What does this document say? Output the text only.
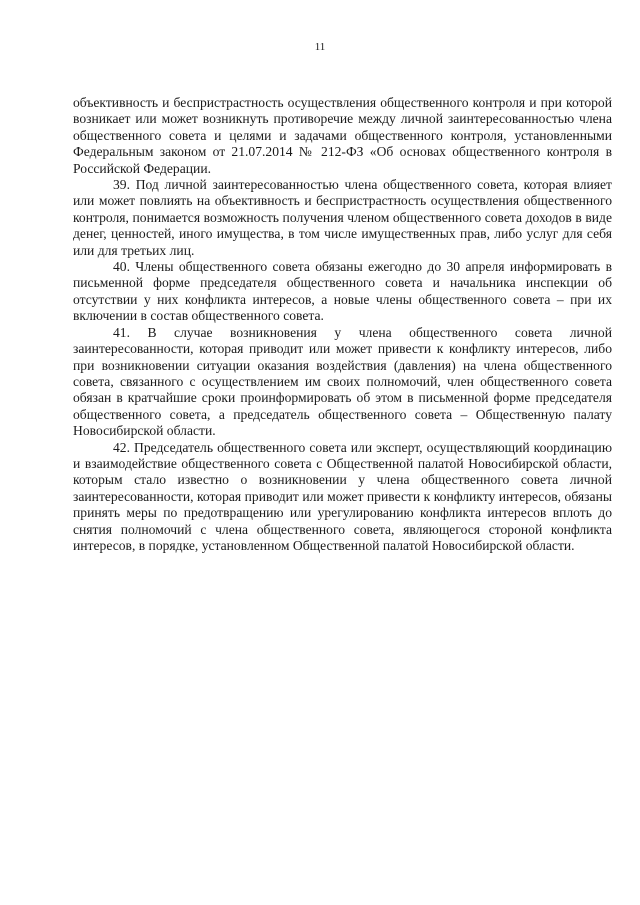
11

объективность и беспристрастность осуществления общественного контроля и при которой возникает или может возникнуть противоречие между личной заинтересованностью члена общественного совета и целями и задачами общественного контроля, установленными Федеральным законом от 21.07.2014 № 212-ФЗ «Об основах общественного контроля в Российской Федерации.

39. Под личной заинтересованностью члена общественного совета, которая влияет или может повлиять на объективность и беспристрастность осуществления общественного контроля, понимается возможность получения членом общественного совета доходов в виде денег, ценностей, иного имущества, в том числе имущественных прав, либо услуг для себя или для третьих лиц.

40. Члены общественного совета обязаны ежегодно до 30 апреля информировать в письменной форме председателя общественного совета и начальника инспекции об отсутствии у них конфликта интересов, а новые члены общественного совета – при их включении в состав общественного совета.

41. В случае возникновения у члена общественного совета личной заинтересованности, которая приводит или может привести к конфликту интересов, либо при возникновении ситуации оказания воздействия (давления) на члена общественного совета, связанного с осуществлением им своих полномочий, член общественного совета обязан в кратчайшие сроки проинформировать об этом в письменной форме председателя общественного совета, а председатель общественного совета – Общественную палату Новосибирской области.

42. Председатель общественного совета или эксперт, осуществляющий координацию и взаимодействие общественного совета с Общественной палатой Новосибирской области, которым стало известно о возникновении у члена общественного совета личной заинтересованности, которая приводит или может привести к конфликту интересов, обязаны принять меры по предотвращению или урегулированию конфликта интересов вплоть до снятия полномочий с члена общественного совета, являющегося стороной конфликта интересов, в порядке, установленном Общественной палатой Новосибирской области.
